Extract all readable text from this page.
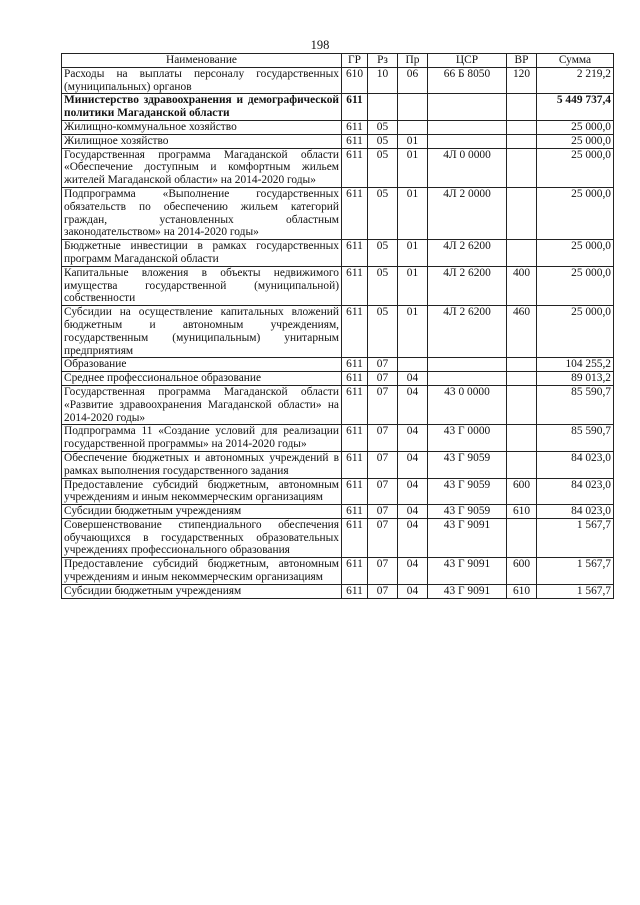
198
Наименование	ГР	Рз	Пр	ЦСР	ВР	Сумма
Расходы на выплаты персоналу государственных (муниципальных) органов	610	10	06	66 Б 8050	120	2 219,2
Министерство здравоохранения и демографической политики Магаданской области	611					5 449 737,4
Жилищно-коммунальное хозяйство	611	05				25 000,0
Жилищное хозяйство	611	05	01			25 000,0
Государственная программа Магаданской области «Обеспечение доступным и комфортным жильем жителей Магаданской области» на 2014-2020 годы»	611	05	01	4Л 0 0000		25 000,0
Подпрограмма «Выполнение государственных обязательств по обеспечению жильем категорий граждан, установленных областным законодательством» на 2014-2020 годы»	611	05	01	4Л 2 0000		25 000,0
Бюджетные инвестиции в рамках государственных программ Магаданской области	611	05	01	4Л 2 6200		25 000,0
Капитальные вложения в объекты недвижимого имущества государственной (муниципальной) собственности	611	05	01	4Л 2 6200	400	25 000,0
Субсидии на осуществление капитальных вложений бюджетным и автономным учреждениям, государственным (муниципальным) унитарным предприятиям	611	05	01	4Л 2 6200	460	25 000,0
Образование	611	07				104 255,2
Среднее профессиональное образование	611	07	04			89 013,2
Государственная программа Магаданской области «Развитие здравоохранения Магаданской области» на 2014-2020 годы»	611	07	04	43 0 0000		85 590,7
Подпрограмма 11 «Создание условий для реализации государственной программы» на 2014-2020 годы»	611	07	04	43 Г 0000		85 590,7
Обеспечение бюджетных и автономных учреждений в рамках выполнения государственного задания	611	07	04	43 Г 9059		84 023,0
Предоставление субсидий бюджетным, автономным учреждениям и иным некоммерческим организациям	611	07	04	43 Г 9059	600	84 023,0
Субсидии бюджетным учреждениям	611	07	04	43 Г 9059	610	84 023,0
Совершенствование стипендиального обеспечения обучающихся в государственных образовательных учреждениях профессионального образования	611	07	04	43 Г 9091		1 567,7
Предоставление субсидий бюджетным, автономным учреждениям и иным некоммерческим организациям	611	07	04	43 Г 9091	600	1 567,7
Субсидии бюджетным учреждениям	611	07	04	43 Г 9091	610	1 567,7
